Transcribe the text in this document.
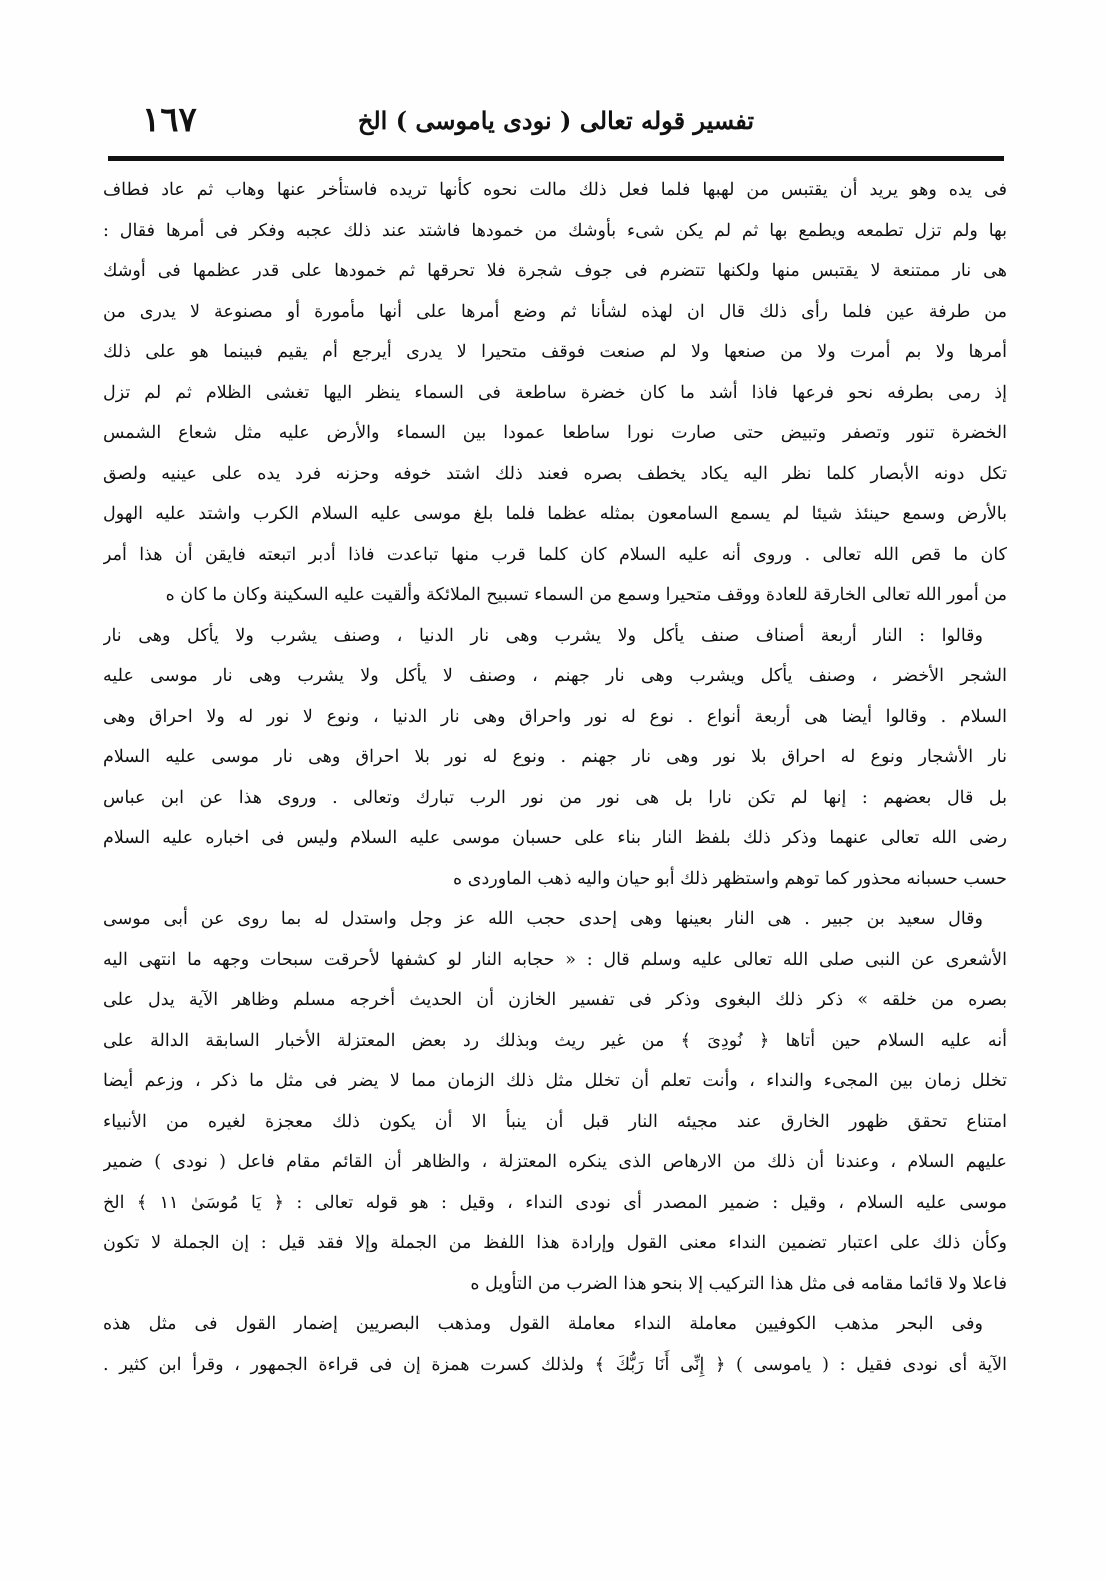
١٦٧	تفسير قوله تعالى ( نودى ياموسى ) الخ
فى يده وهو يريد أن يقتبس من لهبها فلما فعل ذلك مالت نحوه كأنها تريده فاستأخر عنها وهاب ثم عاد فطاف
بها ولم تزل تطمعه ويطمع بها ثم لم يكن شىء بأوشك من خمودها فاشتد عند ذلك عجبه وفكر فى أمرها فقال :
هى نار ممتنعة لا يقتبس منها ولكنها تتضرم فى جوف شجرة فلا تحرقها ثم خمودها على قدر عظمها فى أوشك
من طرفة عين فلما رأى ذلك قال ان لهذه لشأنا ثم وضع أمرها على أنها مأمورة أو مصنوعة لا يدرى من
أمرها ولا بم أمرت ولا من صنعها ولا لم صنعت فوقف متحيرا لا يدرى أيرجع أم يقيم فبينما هو على ذلك
إذ رمى بطرفه نحو فرعها فاذا أشد ما كان خضرة ساطعة فى السماء ينظر اليها تغشى الظلام ثم لم تزل
الخضرة تنور وتصفر وتبيض حتى صارت نورا ساطعا عمودا بين السماء والأرض عليه مثل شعاع الشمس
تكل دونه الأبصار كلما نظر اليه يكاد يخطف بصره فعند ذلك اشتد خوفه وحزنه فرد يده على عينيه ولصق
بالأرض وسمع حينئذ شيئا لم يسمع السامعون بمثله عظما فلما بلغ موسى عليه السلام الكرب واشتد عليه الهول
كان ما قص الله تعالى . وروى أنه عليه السلام كان كلما قرب منها تباعدت فاذا أدبر اتبعته فايقن أن هذا أمر
من أمور الله تعالى الخارقة للعادة ووقف متحيرا وسمع من السماء تسبيح الملائكة وألقيت عليه السكينة وكان ما كان ه
وقالوا : النار أربعة أصناف صنف يأكل ولا يشرب وهى نار الدنيا ، وصنف يشرب ولا يأكل وهى نار
الشجر الأخضر ، وصنف يأكل ويشرب وهى نار جهنم ، وصنف لا يأكل ولا يشرب وهى نار موسى عليه
السلام . وقالوا أيضا هى أربعة أنواع . نوع له نور واحراق وهى نار الدنيا ، ونوع لا نور له ولا احراق وهى
نار الأشجار ونوع له احراق بلا نور وهى نار جهنم . ونوع له نور بلا احراق وهى نار موسى عليه السلام
بل قال بعضهم : إنها لم تكن نارا بل هى نور من نور الرب تبارك وتعالى . وروى هذا عن ابن عباس
رضى الله تعالى عنهما وذكر ذلك بلفظ النار بناء على حسبان موسى عليه السلام وليس فى اخباره عليه السلام
حسب حسبانه محذور كما توهم واستظهر ذلك أبو حيان واليه ذهب الماوردى ه
وقال سعيد بن جبير . هى النار بعينها وهى إحدى حجب الله عز وجل واستدل له بما روى عن أبى موسى
الأشعرى عن النبى صلى الله تعالى عليه وسلم قال : « حجابه النار لو كشفها لأحرقت سبحات وجهه ما انتهى اليه
بصره من خلقه » ذكر ذلك البغوى وذكر فى تفسير الخازن أن الحديث أخرجه مسلم وظاهر الآية يدل على
أنه عليه السلام حين أتاها ﴿ نُودِىَ ﴾ من غير ريث وبذلك رد بعض المعتزلة الأخبار السابقة الدالة على
تخلل زمان بين المجىء والنداء ، وأنت تعلم أن تخلل مثل ذلك الزمان مما لا يضر فى مثل ما ذكر ، وزعم أيضا
امتناع تحقق ظهور الخارق عند مجيئه النار قبل أن ينبأ الا أن يكون ذلك معجزة لغيره من الأنبياء
عليهم السلام ، وعندنا أن ذلك من الارهاص الذى ينكره المعتزلة ، والظاهر أن القائم مقام فاعل ( نودى ) ضمير
موسى عليه السلام ، وقيل : ضمير المصدر أى نودى النداء ، وقيل : هو قوله تعالى : ﴿ يَا مُوسَىٰ ١١ ﴾ الخ
وكأن ذلك على اعتبار تضمين النداء معنى القول وإرادة هذا اللفظ من الجملة وإلا فقد قيل : إن الجملة لا تكون
فاعلا ولا قائما مقامه فى مثل هذا التركيب إلا بنحو هذا الضرب من التأويل ه
وفى البحر مذهب الكوفيين معاملة النداء معاملة القول ومذهب البصريين إضمار القول فى مثل هذه
الآية أى نودى فقيل : ( ياموسى ) ﴿ إِنِّى أَنَا رَبُّكَ ﴾ ولذلك كسرت همزة إن فى قراءة الجمهور ، وقرأ ابن كثير .
